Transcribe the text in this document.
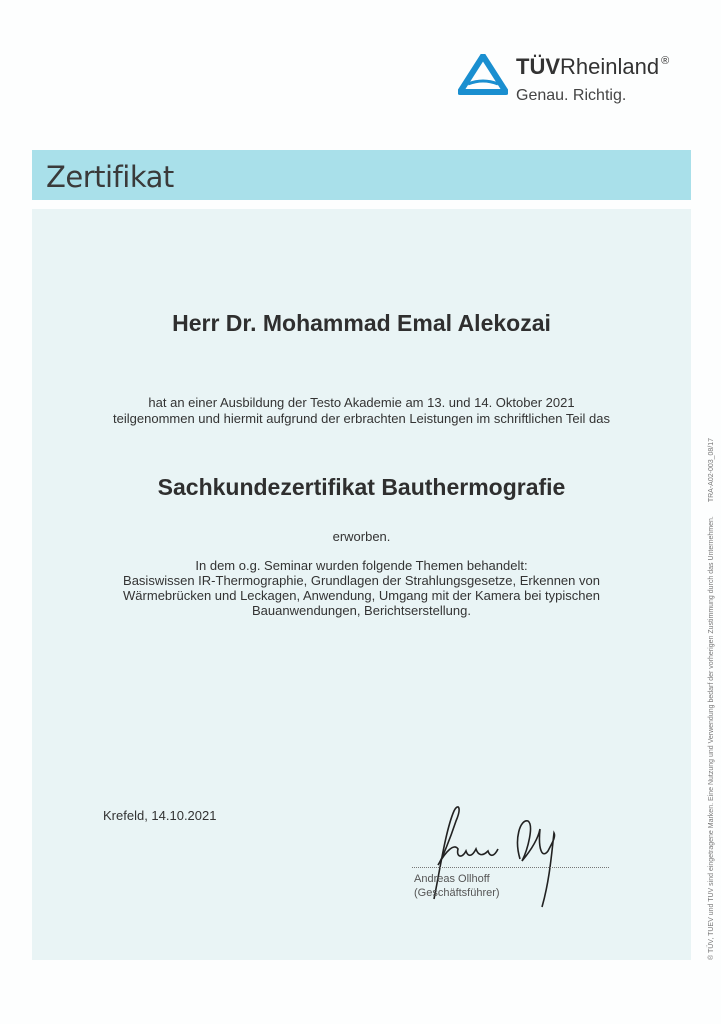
TÜVRheinland ®
Genau. Richtig.
Zertifikat
Herr Dr. Mohammad Emal Alekozai
hat an einer Ausbildung der Testo Akademie am 13. und 14. Oktober 2021
teilgenommen und hiermit aufgrund der erbrachten Leistungen im schriftlichen Teil das
Sachkundezertifikat Bauthermografie
erworben.
In dem o.g. Seminar wurden folgende Themen behandelt:
Basiswissen IR-Thermographie, Grundlagen der Strahlungsgesetze, Erkennen von
Wärmebrücken und Leckagen, Anwendung, Umgang mit der Kamera bei typischen
Bauanwendungen, Berichtserstellung.
Krefeld, 14.10.2021
Andreas Ollhoff
(Geschäftsführer)	® TÜV, TUEV und TUV sind eingetragene Marken. Eine Nutzung und Verwendung bedarf der vorherigen Zustimmung durch das Unternehmen.TRA-A02-003_08/17
